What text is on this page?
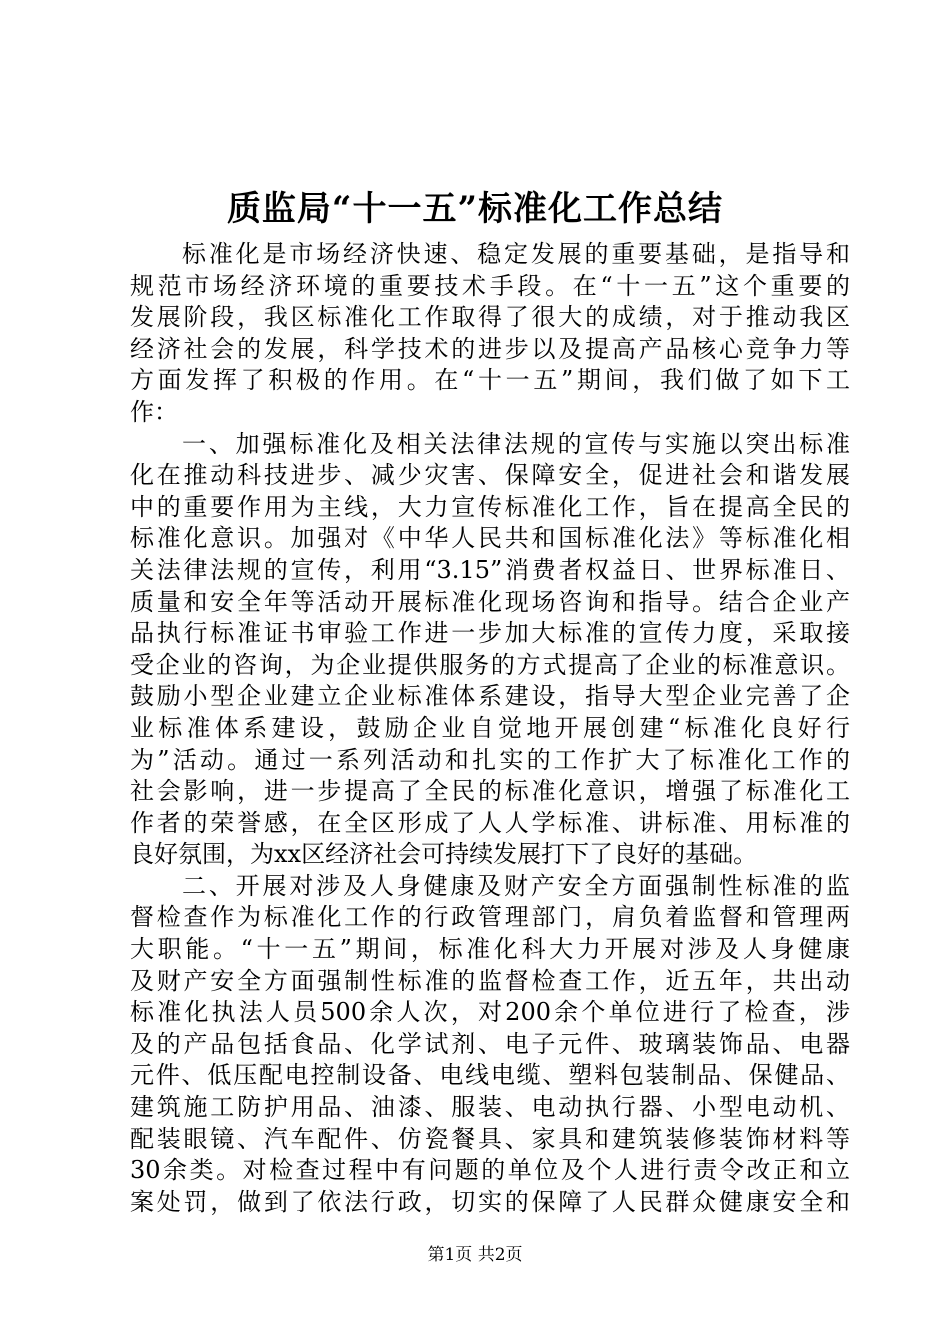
质监局“十一五”标准化工作总结
标准化是市场经济快速、稳定发展的重要基础，是指导和
规范市场经济环境的重要技术手段。在“十一五”这个重要的
发展阶段，我区标准化工作取得了很大的成绩，对于推动我区
经济社会的发展，科学技术的进步以及提高产品核心竞争力等
方面发挥了积极的作用。在“十一五”期间，我们做了如下工
作：
一、加强标准化及相关法律法规的宣传与实施以突出标准
化在推动科技进步、减少灾害、保障安全，促进社会和谐发展
中的重要作用为主线，大力宣传标准化工作，旨在提高全民的
标准化意识。加强对《中华人民共和国标准化法》等标准化相
关法律法规的宣传，利用“3.15”消费者权益日、世界标准日、
质量和安全年等活动开展标准化现场咨询和指导。结合企业产
品执行标准证书审验工作进一步加大标准的宣传力度，采取接
受企业的咨询，为企业提供服务的方式提高了企业的标准意识。
鼓励小型企业建立企业标准体系建设，指导大型企业完善了企
业标准体系建设，鼓励企业自觉地开展创建“标准化良好行
为”活动。通过一系列活动和扎实的工作扩大了标准化工作的
社会影响，进一步提高了全民的标准化意识，增强了标准化工
作者的荣誉感，在全区形成了人人学标准、讲标准、用标准的
良好氛围，为xx区经济社会可持续发展打下了良好的基础。
二、开展对涉及人身健康及财产安全方面强制性标准的监
督检查作为标准化工作的行政管理部门，肩负着监督和管理两
大职能。“十一五”期间，标准化科大力开展对涉及人身健康
及财产安全方面强制性标准的监督检查工作，近五年，共出动
标准化执法人员500余人次，对200余个单位进行了检查，涉
及的产品包括食品、化学试剂、电子元件、玻璃装饰品、电器
元件、低压配电控制设备、电线电缆、塑料包装制品、保健品、
建筑施工防护用品、油漆、服装、电动执行器、小型电动机、
配装眼镜、汽车配件、仿瓷餐具、家具和建筑装修装饰材料等
30余类。对检查过程中有问题的单位及个人进行责令改正和立
案处罚，做到了依法行政，切实的保障了人民群众健康安全和
第1页 共2页
